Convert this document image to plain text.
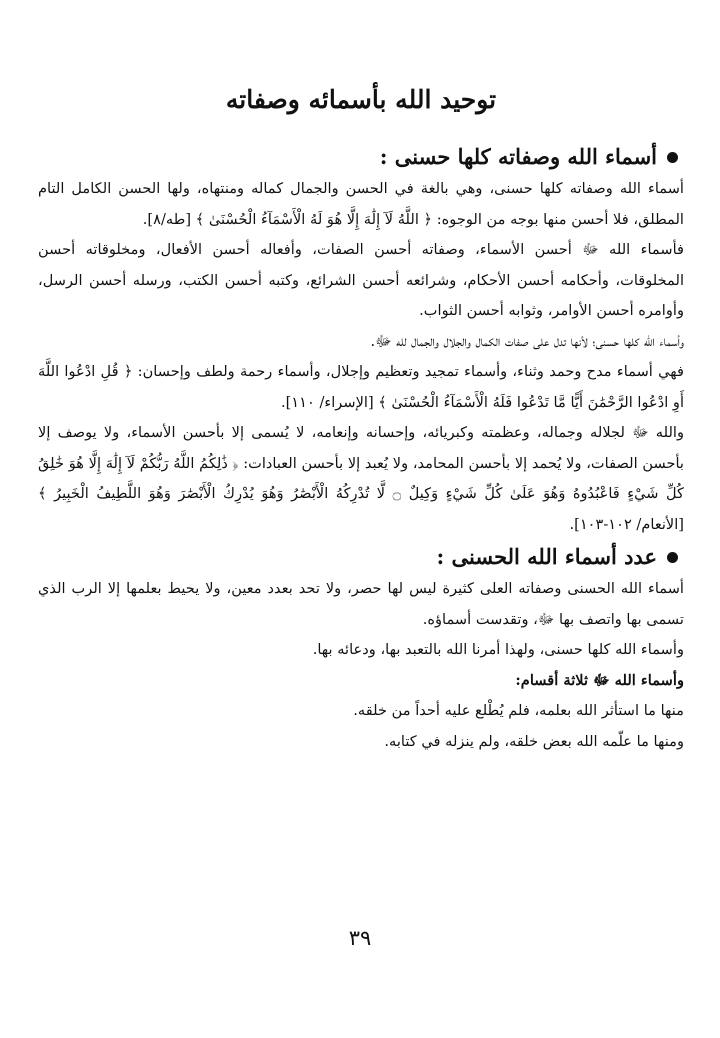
توحيد الله بأسمائه وصفاته
أسماء الله وصفاته كلها حسنى :

أسماء الله وصفاته كلها حسنى، وهي بالغة في الحسن والجمال كماله ومنتهاه، ولها الحسن الكامل التام المطلق، فلا أحسن منها بوجه من الوجوه: ﴿ اللَّهُ لَآ إِلَٰهَ إِلَّا هُوَ لَهُ الْأَسْمَآءُ الْحُسْنَىٰ ﴾ [طه/٨].

فأسماء الله ﷻ أحسن الأسماء، وصفاته أحسن الصفات، وأفعاله أحسن الأفعال، ومخلوقاته أحسن المخلوقات، وأحكامه أحسن الأحكام، وشرائعه أحسن الشرائع، وكتبه أحسن الكتب، ورسله أحسن الرسل، وأوامره أحسن الأوامر، وثوابه أحسن الثواب.

وأسماء الله كلها حسنى؛ لأنها تدل على صفات الكمال والجلال والجمال لله ﷻ.

فهي أسماء مدح وحمد وثناء، وأسماء تمجيد وتعظيم وإجلال، وأسماء رحمة ولطف وإحسان: ﴿ قُلِ ادْعُوا اللَّهَ أَوِ ادْعُوا الرَّحْمَٰنَ أَيًّا مَّا تَدْعُوا فَلَهُ الْأَسْمَآءُ الْحُسْنَىٰ ﴾ [الإسراء/ ١١٠].

والله ﷻ لجلاله وجماله، وعظمته وكبريائه، وإحسانه وإنعامه، لا يُسمى إلا بأحسن الأسماء، ولا يوصف إلا بأحسن الصفات، ولا يُحمد إلا بأحسن المحامد، ولا يُعبد إلا بأحسن العبادات: ﴿ ذَٰلِكُمُ اللَّهُ رَبُّكُمْ لَآ إِلَٰهَ إِلَّا هُوَ خَٰلِقُ كُلِّ شَيْءٍ فَاعْبُدُوهُ وَهُوَ عَلَىٰ كُلِّ شَيْءٍ وَكِيلٌ ۝ لَّا تُدْرِكُهُ الْأَبْصَٰرُ وَهُوَ يُدْرِكُ الْأَبْصَٰرَ وَهُوَ اللَّطِيفُ الْخَبِيرُ ﴾ [الأنعام/ ١٠٢-١٠٣].

عدد أسماء الله الحسنى :

أسماء الله الحسنى وصفاته العلى كثيرة ليس لها حصر، ولا تحد بعدد معين، ولا يحيط بعلمها إلا الرب الذي تسمى بها واتصف بها ﷻ، وتقدست أسماؤه.

وأسماء الله كلها حسنى، ولهذا أمرنا الله بالتعبد بها، ودعائه بها.

وأسماء الله ﷻ ثلاثة أقسام:

منها ما استأثر الله بعلمه، فلم يُطْلع عليه أحداً من خلقه.

ومنها ما علّمه الله بعض خلقه، ولم ينزله في كتابه.

٣٩
